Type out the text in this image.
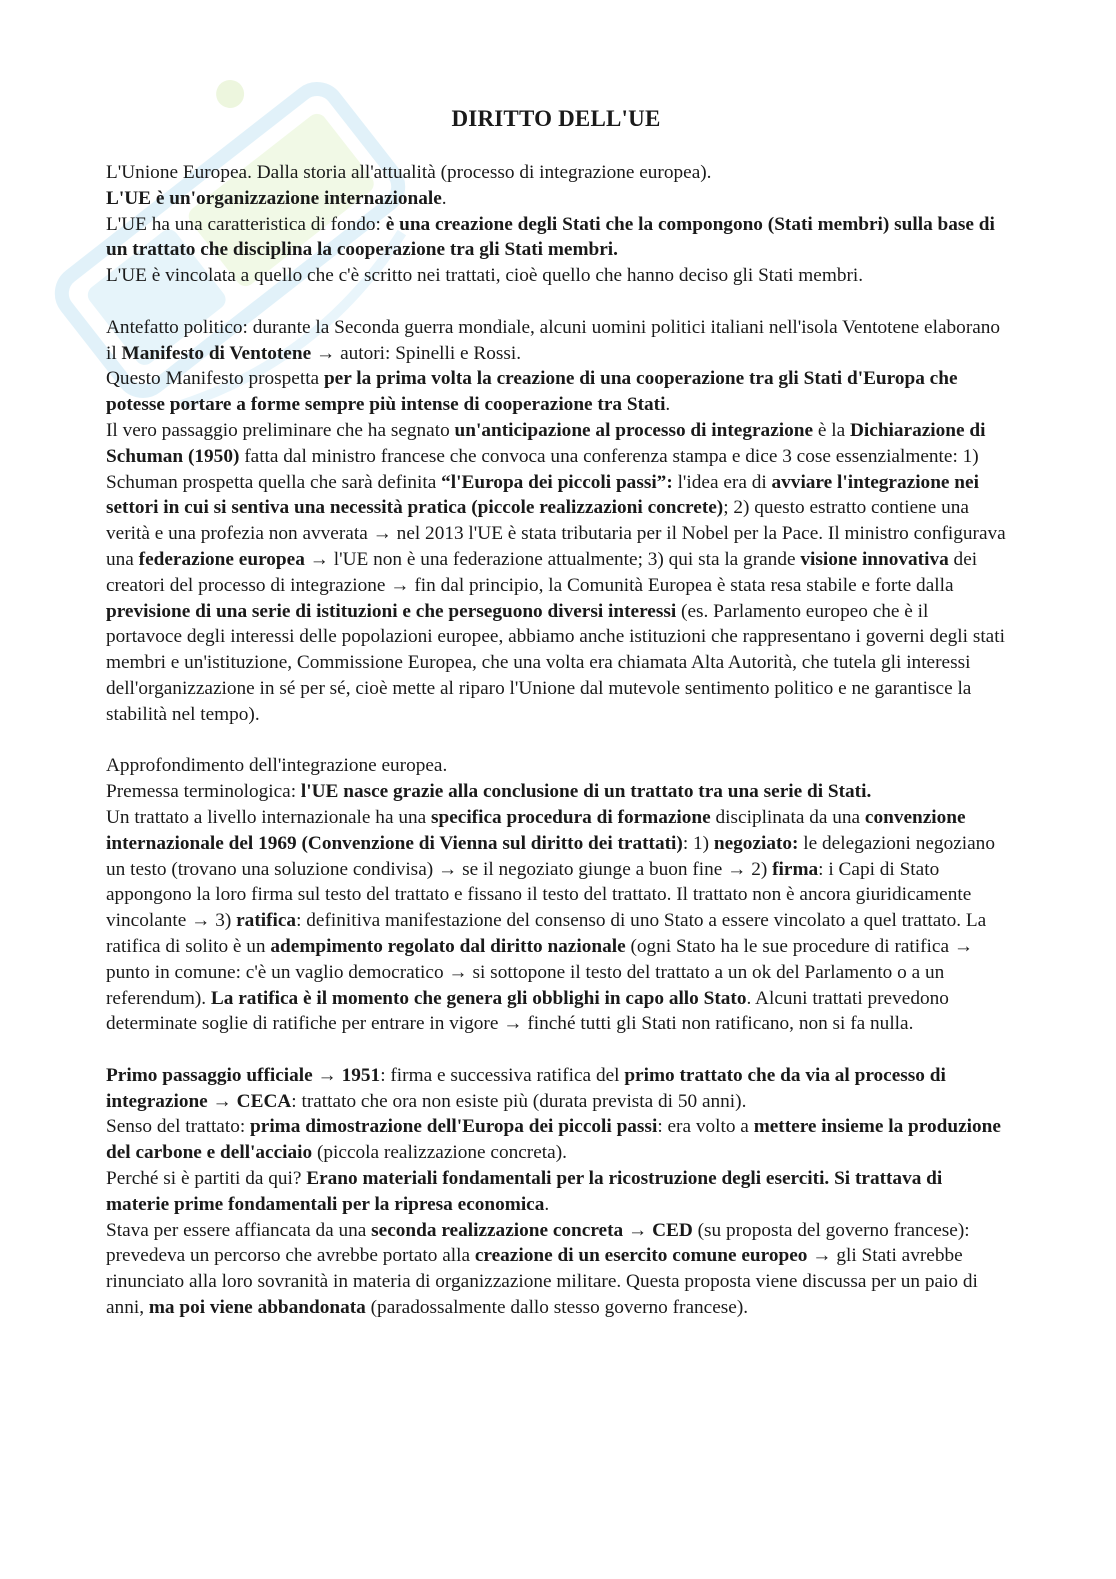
DIRITTO DELL'UE

L'Unione Europea. Dalla storia all'attualità (processo di integrazione europea).

L'UE è un'organizzazione internazionale.

L'UE ha una caratteristica di fondo: è una creazione degli Stati che la compongono (Stati membri) sulla base di un trattato che disciplina la cooperazione tra gli Stati membri.

L'UE è vincolata a quello che c'è scritto nei trattati, cioè quello che hanno deciso gli Stati membri.

Antefatto politico: durante la Seconda guerra mondiale, alcuni uomini politici italiani nell'isola Ventotene elaborano il Manifesto di Ventotene → autori: Spinelli e Rossi.

Questo Manifesto prospetta per la prima volta la creazione di una cooperazione tra gli Stati d'Europa che potesse portare a forme sempre più intense di cooperazione tra Stati.

Il vero passaggio preliminare che ha segnato un'anticipazione al processo di integrazione è la Dichiarazione di Schuman (1950) fatta dal ministro francese che convoca una conferenza stampa e dice 3 cose essenzialmente: 1) Schuman prospetta quella che sarà definita “l'Europa dei piccoli passi”: l'idea era di avviare l'integrazione nei settori in cui si sentiva una necessità pratica (piccole realizzazioni concrete); 2) questo estratto contiene una verità e una profezia non avverata → nel 2013 l'UE è stata tributaria per il Nobel per la Pace. Il ministro configurava una federazione europea → l'UE non è una federazione attualmente; 3) qui sta la grande visione innovativa dei creatori del processo di integrazione → fin dal principio, la Comunità Europea è stata resa stabile e forte dalla previsione di una serie di istituzioni e che perseguono diversi interessi (es. Parlamento europeo che è il portavoce degli interessi delle popolazioni europee, abbiamo anche istituzioni che rappresentano i governi degli stati membri e un'istituzione, Commissione Europea, che una volta era chiamata Alta Autorità, che tutela gli interessi dell'organizzazione in sé per sé, cioè mette al riparo l'Unione dal mutevole sentimento politico e ne garantisce la stabilità nel tempo).

Approfondimento dell'integrazione europea.

Premessa terminologica: l'UE nasce grazie alla conclusione di un trattato tra una serie di Stati.

Un trattato a livello internazionale ha una specifica procedura di formazione disciplinata da una convenzione internazionale del 1969 (Convenzione di Vienna sul diritto dei trattati): 1) negoziato: le delegazioni negoziano un testo (trovano una soluzione condivisa) → se il negoziato giunge a buon fine → 2) firma: i Capi di Stato appongono la loro firma sul testo del trattato e fissano il testo del trattato. Il trattato non è ancora giuridicamente vincolante → 3) ratifica: definitiva manifestazione del consenso di uno Stato a essere vincolato a quel trattato. La ratifica di solito è un adempimento regolato dal diritto nazionale (ogni Stato ha le sue procedure di ratifica → punto in comune: c'è un vaglio democratico → si sottopone il testo del trattato a un ok del Parlamento o a un referendum). La ratifica è il momento che genera gli obblighi in capo allo Stato. Alcuni trattati prevedono determinate soglie di ratifiche per entrare in vigore → finché tutti gli Stati non ratificano, non si fa nulla.

Primo passaggio ufficiale → 1951: firma e successiva ratifica del primo trattato che da via al processo di integrazione → CECA: trattato che ora non esiste più (durata prevista di 50 anni).

Senso del trattato: prima dimostrazione dell'Europa dei piccoli passi: era volto a mettere insieme la produzione del carbone e dell'acciaio (piccola realizzazione concreta).

Perché si è partiti da qui? Erano materiali fondamentali per la ricostruzione degli eserciti. Si trattava di materie prime fondamentali per la ripresa economica.

Stava per essere affiancata da una seconda realizzazione concreta → CED (su proposta del governo francese): prevedeva un percorso che avrebbe portato alla creazione di un esercito comune europeo → gli Stati avrebbe rinunciato alla loro sovranità in materia di organizzazione militare. Questa proposta viene discussa per un paio di anni, ma poi viene abbandonata (paradossalmente dallo stesso governo francese).
